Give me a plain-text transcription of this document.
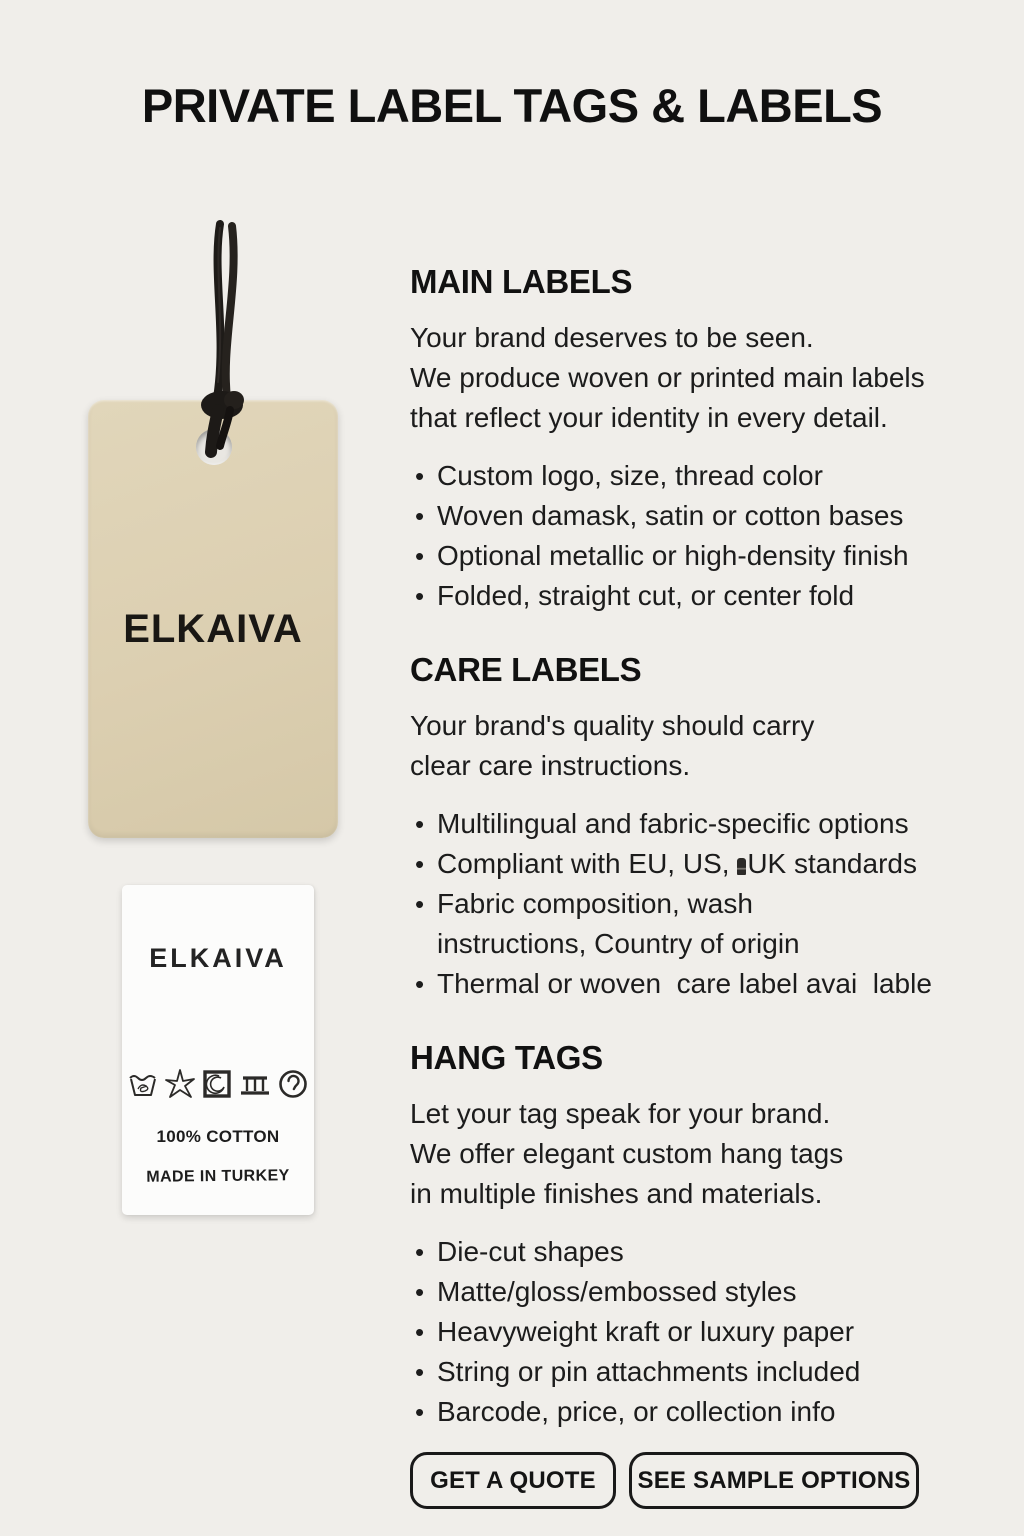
PRIVATE LABEL TAGS & LABELS
ELKAIVA
ELKAIVA
100% COTTON
MADE IN TURKEY
MAIN LABELS
Your brand deserves to be seen.
We produce woven or printed main labels
that reflect your identity in every detail.
•
Custom logo, size, thread color
•
Woven damask, satin or cotton bases
•
Optional metallic or high-density finish
•
Folded, straight cut, or center fold
CARE LABELS
Your brand's quality should carry
clear care instructions.
•
Multilingual and fabric-specific options
•
Compliant with EU, US, UK standards
•
Fabric composition, wash
instructions, Country of origin
•
Thermal or woven  care label avai  lable
HANG TAGS
Let your tag speak for your brand.
We offer elegant custom hang tags
in multiple finishes and materials.
•
Die-cut shapes
•
Matte/gloss/embossed styles
•
Heavyweight kraft or luxury paper
•
String or pin attachments included
•
Barcode, price, or collection info
GET A QUOTE	SEE SAMPLE OPTIONS
